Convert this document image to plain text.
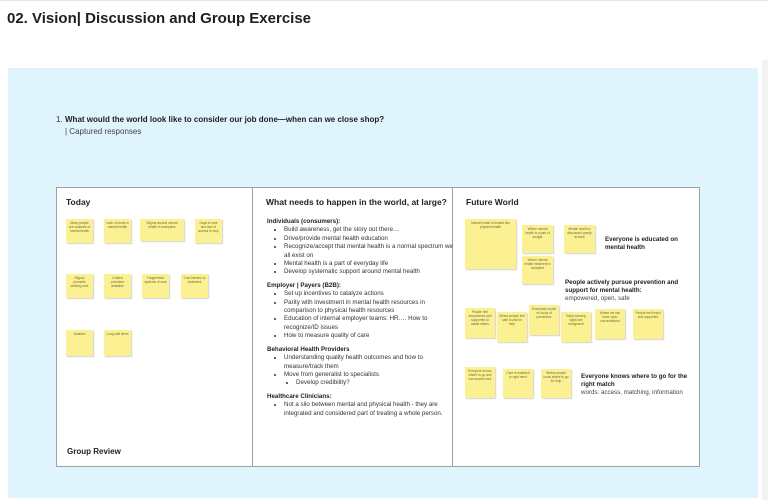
02. Vision| Discussion and Group Exercise
1. What would the world look like to consider our job done—when can we close shop? | Captured responses
Today	What needs to happen in the world, at large? Future World
Many people are unaware of mental health
Lack of funds in mental health
Stigma around mental health in workplace
Gaps in care and lack of access to help
Stigma prevents seeking care
Limited providers available
Fragmented systems of care
Cost barriers to treatment
Isolation	Long wait times
Individuals (consumers):
• Build awareness, get the story out there…
• Drive/provide mental health education
• Recognize/accept that mental health is a normal spectrum we all exist on
• Mental health is a part of everyday life
• Develop systematic support around mental health
Employer | Payers (B2B):
• Set up incentives to catalyze actions
• Parity with investment in mental health resources in comparison to physical health resources
• Education of internal employer teams: HR…. How to recognize/ID issues
• How to measure quality of care
Behavioral Health Providers
• Understanding quality health outcomes and how to measure/track them
• Move from generalist to specialists
• Develop credibility?
Healthcare Clinicians:
• Not a silo between mental and physical health - they are integrated and considered part of treating a whole person.
Mental health is treated like physical health	Where mental health is a part of budget
Mental health is discussed openly at work
Where mental health treatment is accepted
Everyone is educated on mental health
People actively pursue prevention and support for mental health:
empowered, open, safe
People feel empowered and supported to assist others
Where people feel safe to ask for help
Everybody works on focus of prevention	Early warning signs are recognized
Where we can have open conversations
People feel heard and supported
Everyone knows where to go and can access care
Care is matched to right need
Where people know where to go for help
Everyone knows where to go for the right match
words: access, matching, information
Group Review
